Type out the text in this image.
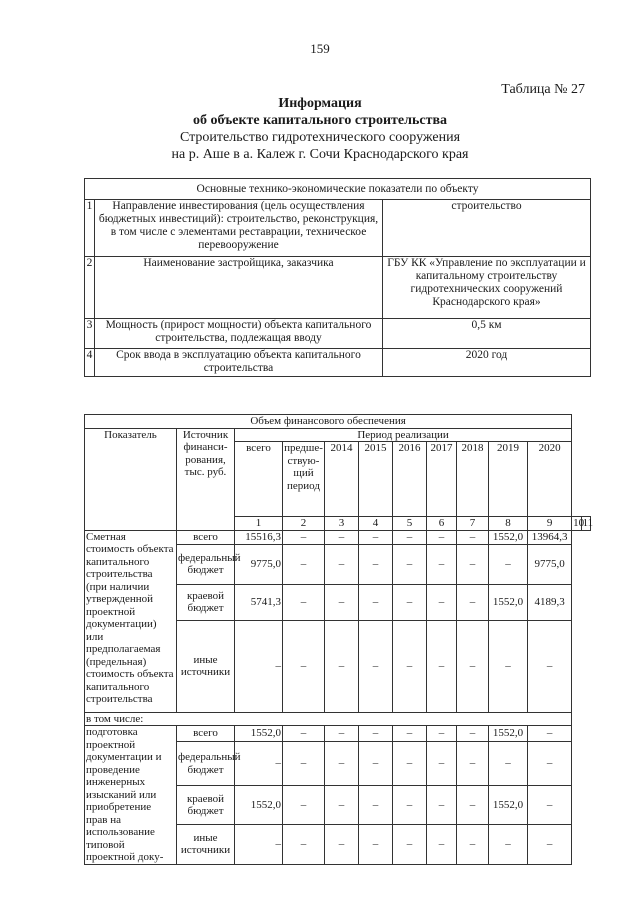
159
Таблица № 27
Информация
об объекте капитального строительства
Строительство гидротехнического сооружения
на р. Аше в а. Калеж г. Сочи Краснодарского края
Основные технико-экономические показатели по объекту		
1	Направление инвестирования (цель осуществления бюджетных инвестиций): строительство, реконструкция, в том числе с элементами реставрации, техническое перевооружение	строительство
2	Наименование застройщика, заказчика	ГБУ КК «Управление по эксплуатации и капитальному строительству гидротехнических сооружений Краснодарского края»
3	Мощность (прирост мощности) объекта капитального строительства, подлежащая вводу	0,5 км
4	Срок ввода в эксплуатацию объекта капитального строительства	2020 год
Объем финансового обеспечения												
Показатель	Источник финанси-рования, тыс. руб.	Период реализации										
		всего	предше-ствую-щий период	2014	2015	2016	2017	2018	2019	2020		
		1	2	3	4	5	6	7	8	9	10	11
Сметная стоимость объекта капитального строительства (при наличии утвержденной проектной документации) или предполагаемая (предельная) стоимость объекта капитального строительства	всего	15516,3	–	–	–	–	–	–	1552,0	13964,3		
	федеральный бюджет	9775,0	–	–	–	–	–	–	–	9775,0		
	краевой бюджет	5741,3	–	–	–	–	–	–	1552,0	4189,3		
	иные источники	–	–	–	–	–	–	–	–	–		
в том числе:												
подготовка проектной документации и проведение инженерных изысканий или приобретение прав на использование типовой проектной доку-	всего	1552,0	–	–	–	–	–	–	1552,0	–		
	федеральный бюджет	–	–	–	–	–	–	–	–	–		
	краевой бюджет	1552,0	–	–	–	–	–	–	1552,0	–		
	иные источники	–	–	–	–	–	–	–	–	–		
